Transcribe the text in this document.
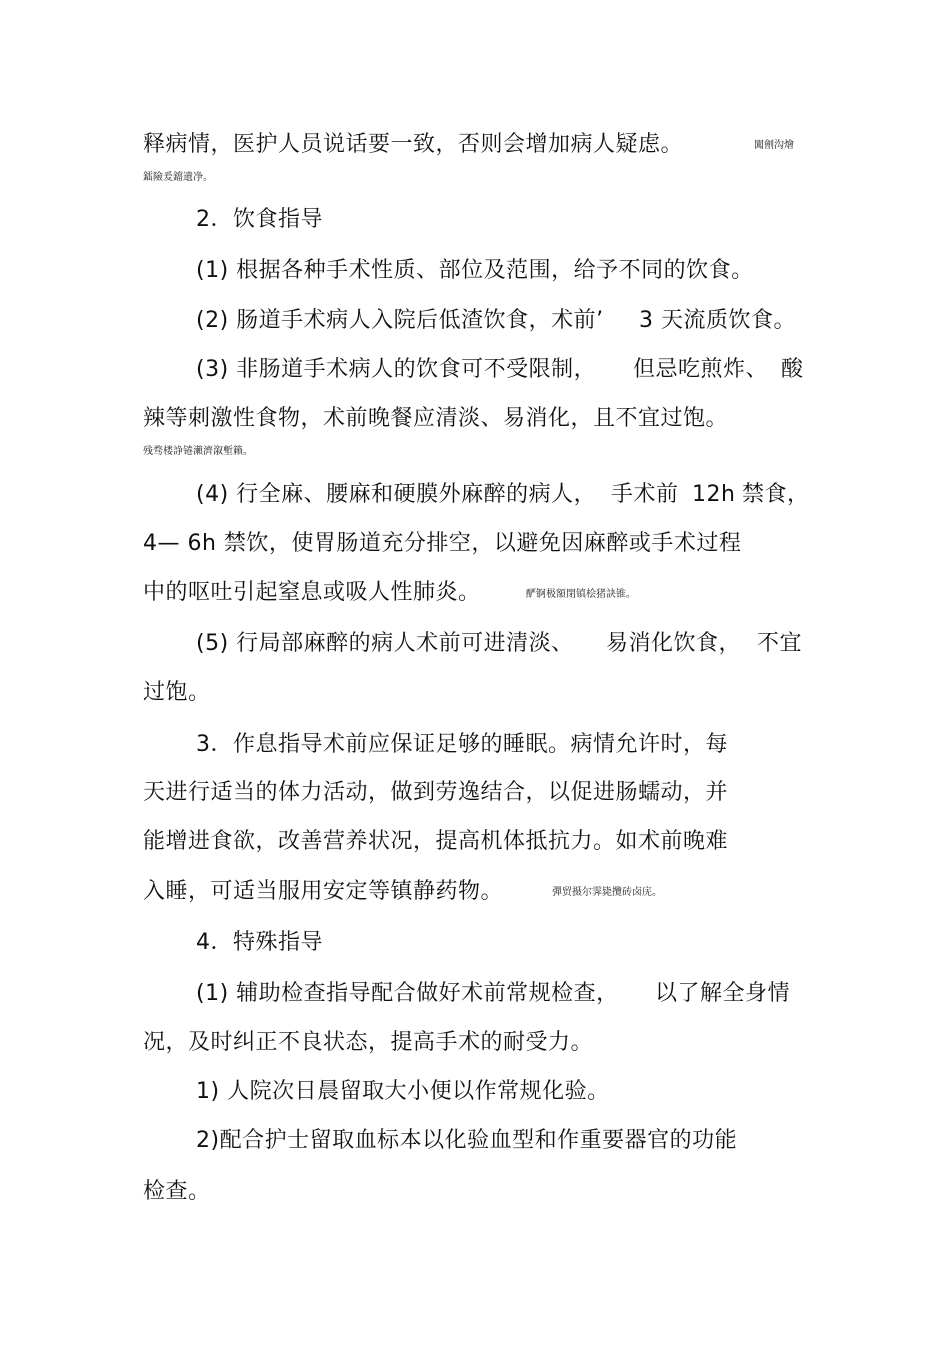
释病情，医护人员说话要一致，否则会增加病人疑虑。	闖劊沟燴
鐳險爰鐺遺净。
2．饮食指导
(1) 根据各种手术性质、部位及范围，给予不同的饮食。
(2) 肠道手术病人入院后低渣饮食，术前’ 3 天流质饮食。
(3) 非肠道手术病人的饮食可不受限制， 但忌吃煎炸、 酸
辣等刺激性食物，术前晚餐应清淡、易消化，且不宜过饱。
残骛楼諍锩瀨濟溆塹籟。
(4) 行全麻、腰麻和硬膜外麻醉的病人， 手术前 12h 禁食，
4— 6h 禁饮，使胃肠道充分排空，以避免因麻醉或手术过程
中的呕吐引起窒息或吸人性肺炎。	酽锕极額閉镇桧猪訣锥。
(5) 行局部麻醉的病人术前可进清淡、 易消化饮食， 不宜
过饱。
3．作息指导术前应保证足够的睡眠。病情允许时，每
天进行适当的体力活动，做到劳逸结合，以促进肠蠕动，并
能增进食欲，改善营养状况，提高机体抵抗力。如术前晚难
入睡，可适当服用安定等镇静药物。	彈贸摄尔霁毙攬砖卤庑。
4．特殊指导
(1) 辅助检查指导配合做好术前常规检查， 以了解全身情
况，及时纠正不良状态，提高手术的耐受力。
1) 人院次日晨留取大小便以作常规化验。
2)配合护士留取血标本以化验血型和作重要器官的功能
检查。
